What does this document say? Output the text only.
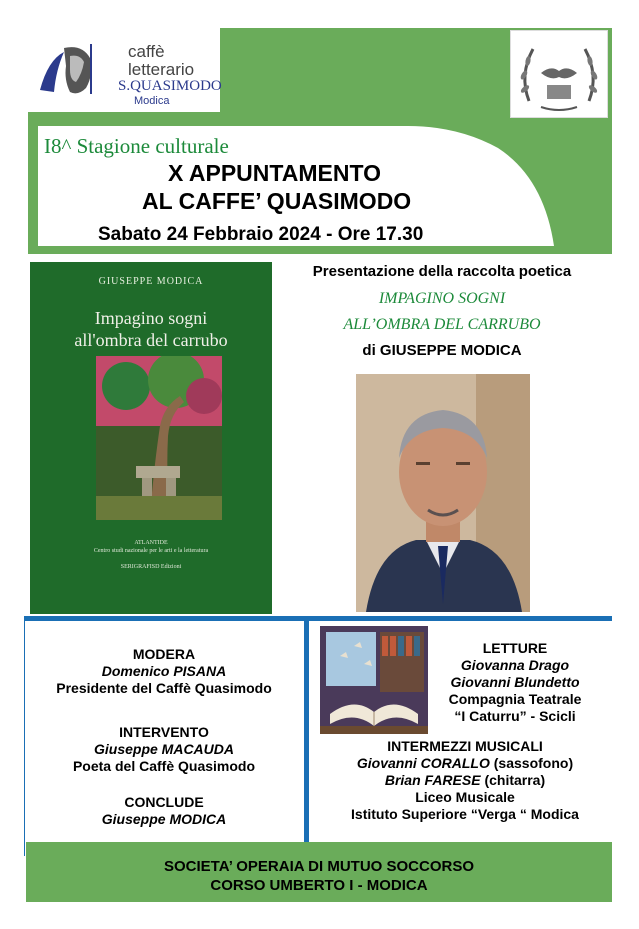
caffè
letterario
S.QUASIMODO
Modica
I8^ Stagione culturale
X APPUNTAMENTO
AL CAFFE’ QUASIMODO
Sabato 24 Febbraio 2024 - Ore 17.30
GIUSEPPE MODICA
Impagino sogni
all'ombra del carrubo
ATLANTIDE
Centro studi nazionale per le arti e la letteratura
SERIGRAFISD Edizioni
Presentazione della raccolta poetica
IMPAGINO SOGNI
ALL’OMBRA DEL CARRUBO
di GIUSEPPE MODICA
MODERA
Domenico PISANA
Presidente del Caffè Quasimodo
INTERVENTO
Giuseppe MACAUDA
Poeta del Caffè Quasimodo
CONCLUDE
Giuseppe MODICA
LETTURE
Giovanna Drago
Giovanni Blundetto
Compagnia Teatrale
“I Caturru” - Scicli
INTERMEZZI MUSICALI
Giovanni CORALLO (sassofono)
Brian FARESE (chitarra)
Liceo Musicale
Istituto Superiore “Verga “ Modica
SOCIETA’ OPERAIA DI MUTUO SOCCORSO
CORSO UMBERTO I - MODICA
